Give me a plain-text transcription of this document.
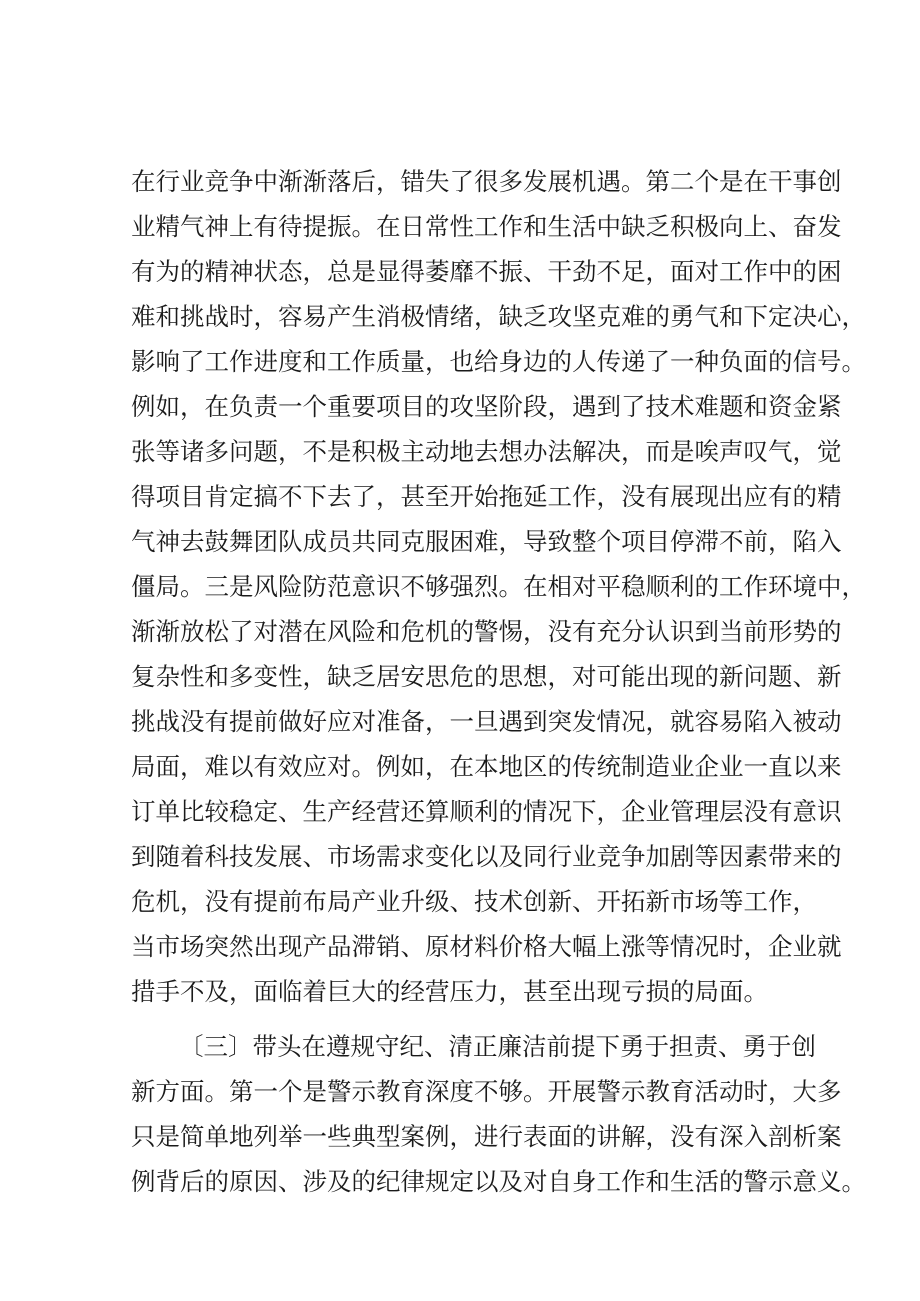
在行业竞争中渐渐落后，错失了很多发展机遇。第二个是在干事创

业精气神上有待提振。在日常性工作和生活中缺乏积极向上、奋发

有为的精神状态，总是显得萎靡不振、干劲不足，面对工作中的困

难和挑战时，容易产生消极情绪，缺乏攻坚克难的勇气和下定决心，

影响了工作进度和工作质量，也给身边的人传递了一种负面的信号。

例如，在负责一个重要项目的攻坚阶段，遇到了技术难题和资金紧

张等诸多问题，不是积极主动地去想办法解决，而是唉声叹气，觉

得项目肯定搞不下去了，甚至开始拖延工作，没有展现出应有的精

气神去鼓舞团队成员共同克服困难，导致整个项目停滞不前，陷入

僵局。三是风险防范意识不够强烈。在相对平稳顺利的工作环境中，

渐渐放松了对潜在风险和危机的警惕，没有充分认识到当前形势的

复杂性和多变性，缺乏居安思危的思想，对可能出现的新问题、新

挑战没有提前做好应对准备，一旦遇到突发情况，就容易陷入被动

局面，难以有效应对。例如，在本地区的传统制造业企业一直以来

订单比较稳定、生产经营还算顺利的情况下，企业管理层没有意识

到随着科技发展、市场需求变化以及同行业竞争加剧等因素带来的

危机，没有提前布局产业升级、技术创新、开拓新市场等工作，

当市场突然出现产品滞销、原材料价格大幅上涨等情况时，企业就

措手不及，面临着巨大的经营压力，甚至出现亏损的局面。

〔三〕带头在遵规守纪、清正廉洁前提下勇于担责、勇于创

新方面。第一个是警示教育深度不够。开展警示教育活动时，大多

只是简单地列举一些典型案例，进行表面的讲解，没有深入剖析案

例背后的原因、涉及的纪律规定以及对自身工作和生活的警示意义。
